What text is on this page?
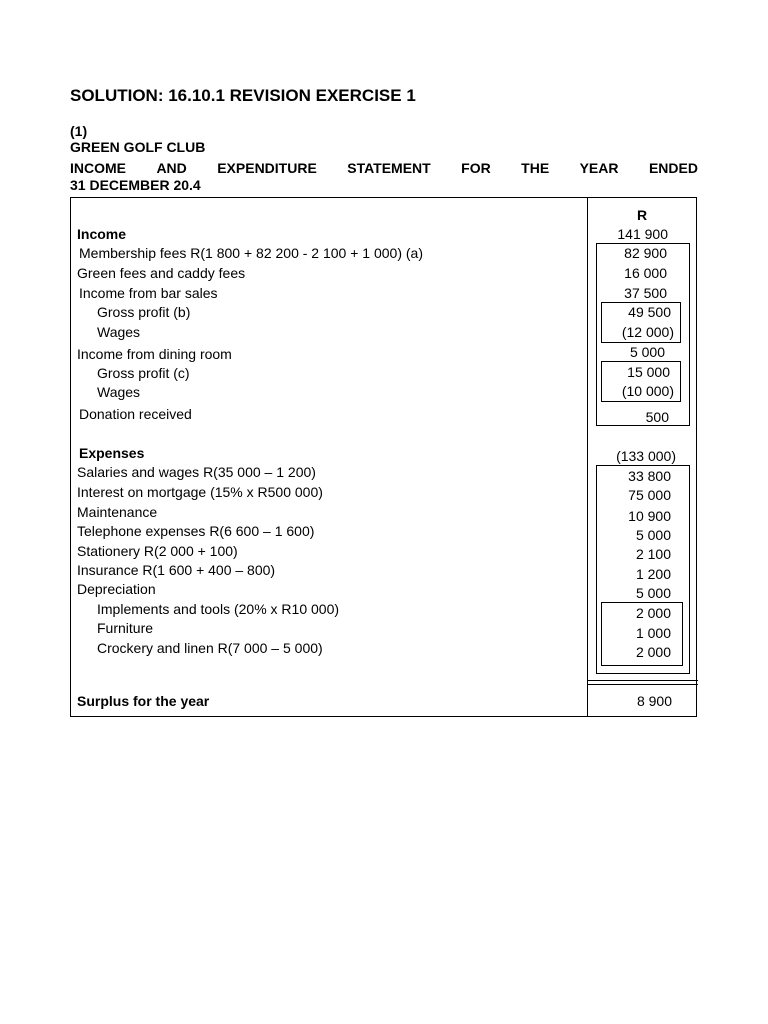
SOLUTION: 16.10.1 REVISION EXERCISE 1
(1)
GREEN GOLF CLUB
INCOME AND EXPENDITURE STATEMENT FOR THE YEAR ENDED
31 DECEMBER 20.4
R
Income	141 900
Membership fees R(1 800 + 82 200 - 2 100 + 1 000) (a)	82 900
Green fees and caddy fees	16 000
Income from bar sales	37 500
Gross profit (b)	49 500
Wages	(12 000)
Income from dining room	5 000
Gross profit (c)	15 000
Wages	(10 000)
Donation received	500
Expenses	(133 000)
Salaries and wages R(35 000 – 1 200)	33 800
Interest on mortgage (15% x R500 000)	75 000
Maintenance	10 900
Telephone expenses R(6 600 – 1 600)	5 000
Stationery R(2 000 + 100)	2 100
Insurance R(1 600 + 400 – 800)	1 200
Depreciation	5 000
Implements and tools (20% x R10 000)	2 000
Furniture	1 000
Crockery and linen R(7 000 – 5 000)	2 000
Surplus for the year	8 900
